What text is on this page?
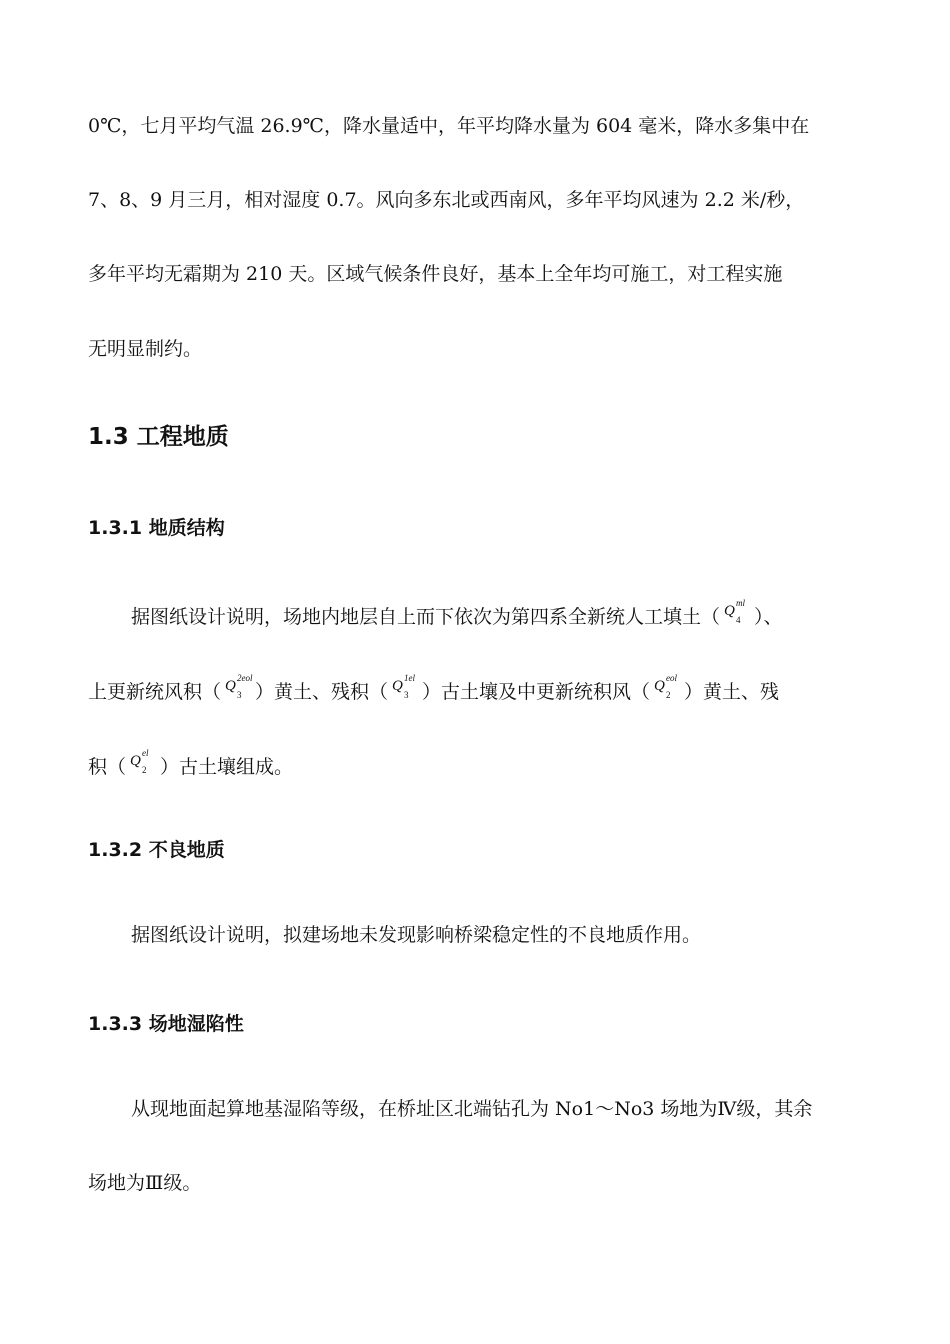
0℃，七月平均气温 26.9℃，降水量适中，年平均降水量为 604 毫米，降水多集中在
7、8、9 月三月，相对湿度 0.7。风向多东北或西南风，多年平均风速为 2.2 米/秒，
多年平均无霜期为 210 天。区域气候条件良好，基本上全年均可施工，对工程实施
无明显制约。
1.3 工程地质
1.3.1 地质结构
据图纸设计说明，场地内地层自上而下依次为第四系全新统人工填土（ Q ml
4 ）、
上更新统风积（ Q 2eol
3 ）黄土、残积（ Q 1el
3 ）古土壤及中更新统积风（ Q eol
2 ）黄土、残
积（ Q el
2 ）古土壤组成。
1.3.2 不良地质
据图纸设计说明，拟建场地未发现影响桥梁稳定性的不良地质作用。
1.3.3 场地湿陷性
从现地面起算地基湿陷等级，在桥址区北端钻孔为 No1～No3 场地为Ⅳ级，其余
场地为Ⅲ级。
